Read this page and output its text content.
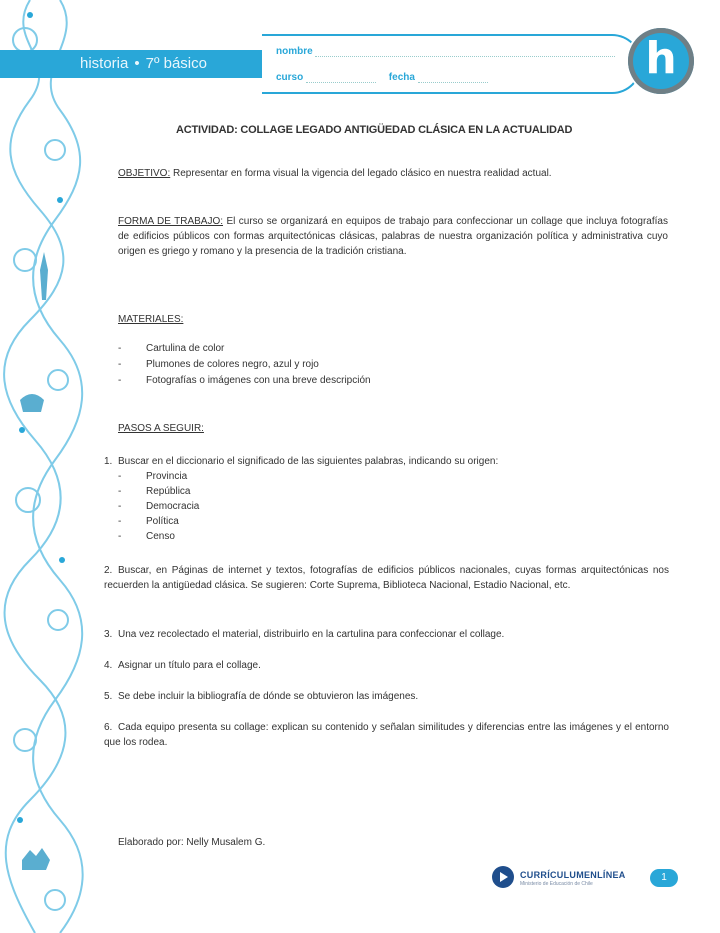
historia • 7º básico
nombre
curso	fecha	h
ACTIVIDAD: COLLAGE LEGADO ANTIGÜEDAD CLÁSICA EN LA ACTUALIDAD
OBJETIVO: Representar en forma visual la vigencia del legado clásico en nuestra realidad actual.
FORMA DE TRABAJO: El curso se organizará en equipos de trabajo para confeccionar un collage que incluya fotografías de edificios públicos con formas arquitectónicas clásicas, palabras de nuestra organización política y administrativa cuyo origen es griego y romano y la presencia de la tradición cristiana.
MATERIALES:
- Cartulina de color
- Plumones de colores negro, azul y rojo
- Fotografías o imágenes con una breve descripción
PASOS A SEGUIR:
1. Buscar en el diccionario el significado de las siguientes palabras, indicando su origen:
- Provincia
- República
- Democracia
- Política
- Censo
2. Buscar, en Páginas de internet y textos, fotografías de edificios públicos nacionales, cuyas formas arquitectónicas nos recuerden la antigüedad clásica. Se sugieren: Corte Suprema, Biblioteca Nacional, Estadio Nacional, etc.
3. Una vez recolectado el material, distribuirlo en la cartulina para confeccionar el collage.
4. Asignar un título para el collage.
5. Se debe incluir la bibliografía de dónde se obtuvieron las imágenes.
6. Cada equipo presenta su collage: explican su contenido y señalan similitudes y diferencias entre las imágenes y el entorno que los rodea.
Elaborado por: Nelly Musalem G.
CURRÍCULUMENLÍNEA
Ministerio de Educación de Chile
1
